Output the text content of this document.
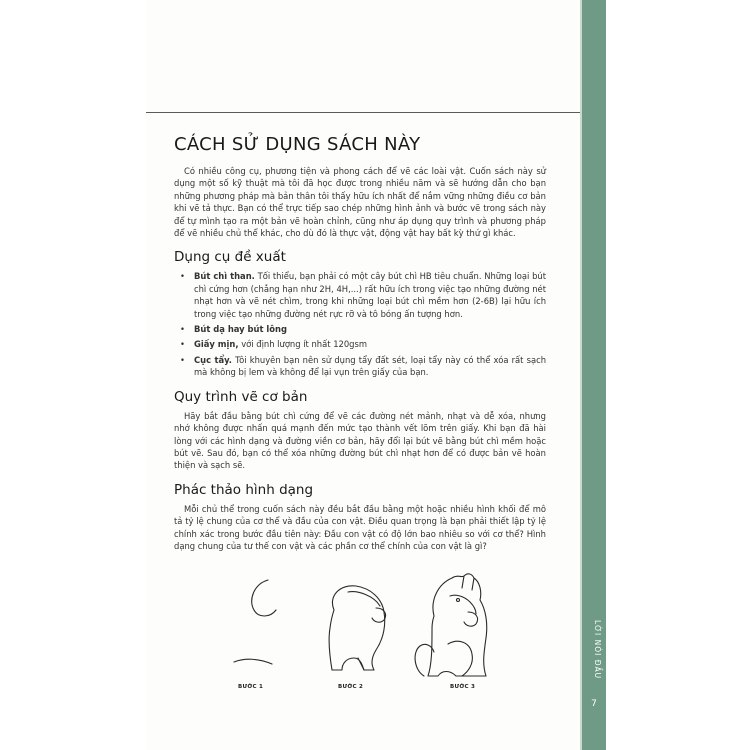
LỜI NÓI ĐẦU
7
CÁCH SỬ DỤNG SÁCH NÀY

Có nhiều công cụ, phương tiện và phong cách để vẽ các loài vật. Cuốn sách này sử dụng một số kỹ thuật mà tôi đã học được trong nhiều năm và sẽ hướng dẫn cho bạn những phương pháp mà bản thân tôi thấy hữu ích nhất để nắm vững những điều cơ bản khi vẽ tả thực. Bạn có thể trực tiếp sao chép những hình ảnh và bước vẽ trong sách này để tự mình tạo ra một bản vẽ hoàn chỉnh, cũng như áp dụng quy trình và phương pháp để vẽ nhiều chủ thể khác, cho dù đó là thực vật, động vật hay bất kỳ thứ gì khác.

Dụng cụ đề xuất
• Bút chì than. Tối thiểu, bạn phải có một cây bút chì HB tiêu chuẩn. Những loại bút chì cứng hơn (chẳng hạn như 2H, 4H,...) rất hữu ích trong việc tạo những đường nét nhạt hơn và vẽ nét chìm, trong khi những loại bút chì mềm hơn (2-6B) lại hữu ích trong việc tạo những đường nét rực rỡ và tô bóng ấn tượng hơn.
• Bút dạ hay bút lông
• Giấy mịn, với định lượng ít nhất 120gsm
• Cục tẩy. Tôi khuyên bạn nên sử dụng tẩy đất sét, loại tẩy này có thể xóa rất sạch mà không bị lem và không để lại vụn trên giấy của bạn.
Quy trình vẽ cơ bản

Hãy bắt đầu bằng bút chì cứng để vẽ các đường nét mảnh, nhạt và dễ xóa, nhưng nhớ không được nhấn quá mạnh đến mức tạo thành vết lõm trên giấy. Khi bạn đã hài lòng với các hình dạng và đường viền cơ bản, hãy đổi lại bút vẽ bằng bút chì mềm hoặc bút vẽ. Sau đó, bạn có thể xóa những đường bút chì nhạt hơn để có được bản vẽ hoàn thiện và sạch sẽ.

Phác thảo hình dạng

Mỗi chủ thể trong cuốn sách này đều bắt đầu bằng một hoặc nhiều hình khối để mô tả tỷ lệ chung của cơ thể và đầu của con vật. Điều quan trọng là bạn phải thiết lập tỷ lệ chính xác trong bước đầu tiên này: Đầu con vật có độ lớn bao nhiêu so với cơ thể? Hình dạng chung của tư thế con vật và các phần cơ thể chính của con vật là gì?

BƯỚC 1	BƯỚC 2	BƯỚC 3
